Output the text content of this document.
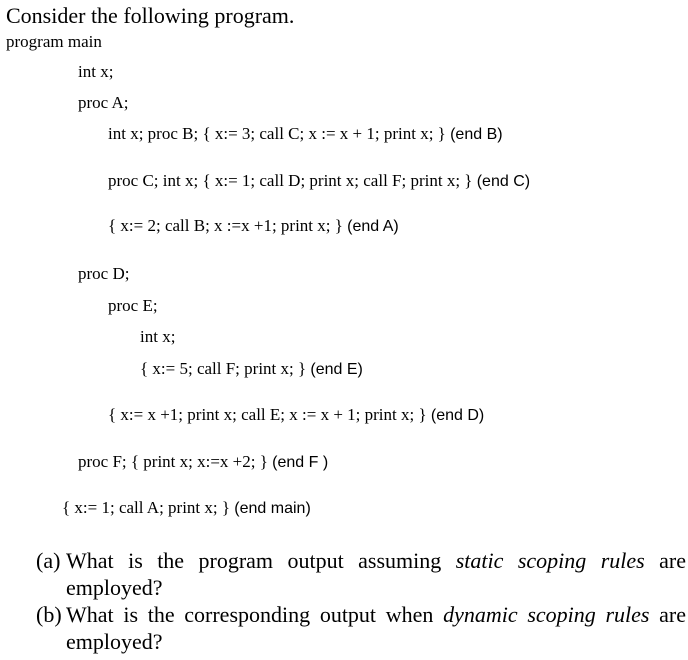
Consider the following program.
program main
int x;
proc A;
int x; proc B; { x:= 3; call C; x := x + 1; print x; } (end B)
proc C; int x; { x:= 1; call D; print x; call F; print x; } (end C)
{ x:= 2; call B; x :=x +1; print x; } (end A)
proc D;
proc E;
int x;
{ x:= 5; call F; print x; } (end E)
{ x:= x +1; print x; call E; x := x + 1; print x; } (end D)
proc F; { print x; x:=x +2; } (end F )
{ x:= 1; call A; print x; } (end main)
(a) What is the program output assuming static scoping rules are employed?
(b) What is the corresponding output when dynamic scoping rules are employed?
